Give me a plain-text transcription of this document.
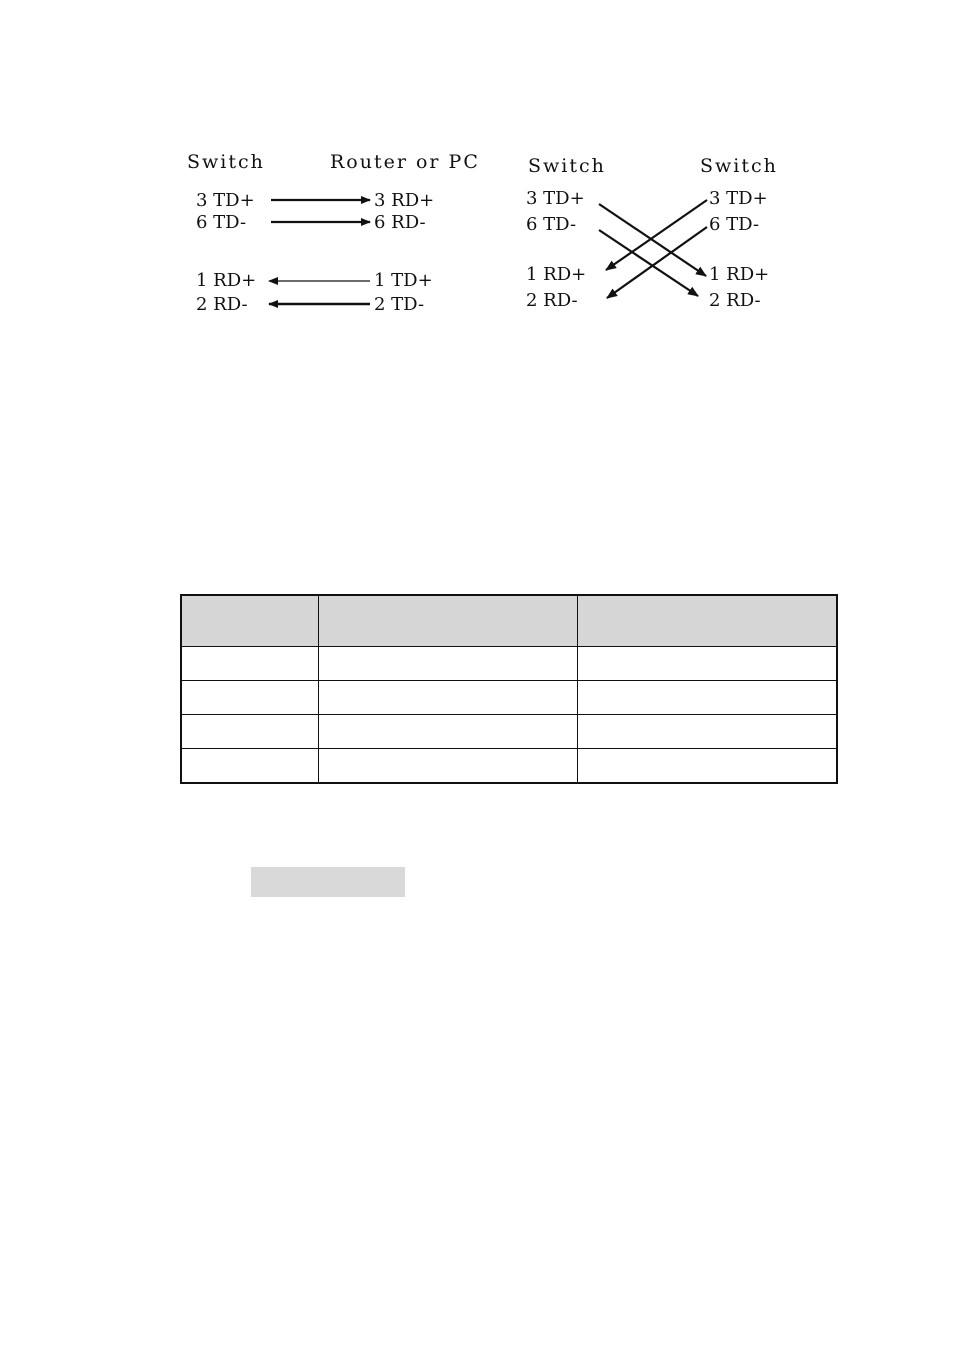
Switch	Router or PC
3 TD+
6 TD-
1 RD+
2 RD-
3 RD+
6 RD-
1 TD+
2 TD-
Switch	Switch
3 TD+
6 TD-
1 RD+
2 RD-
3 TD+
6 TD-
1 RD+
2 RD-
